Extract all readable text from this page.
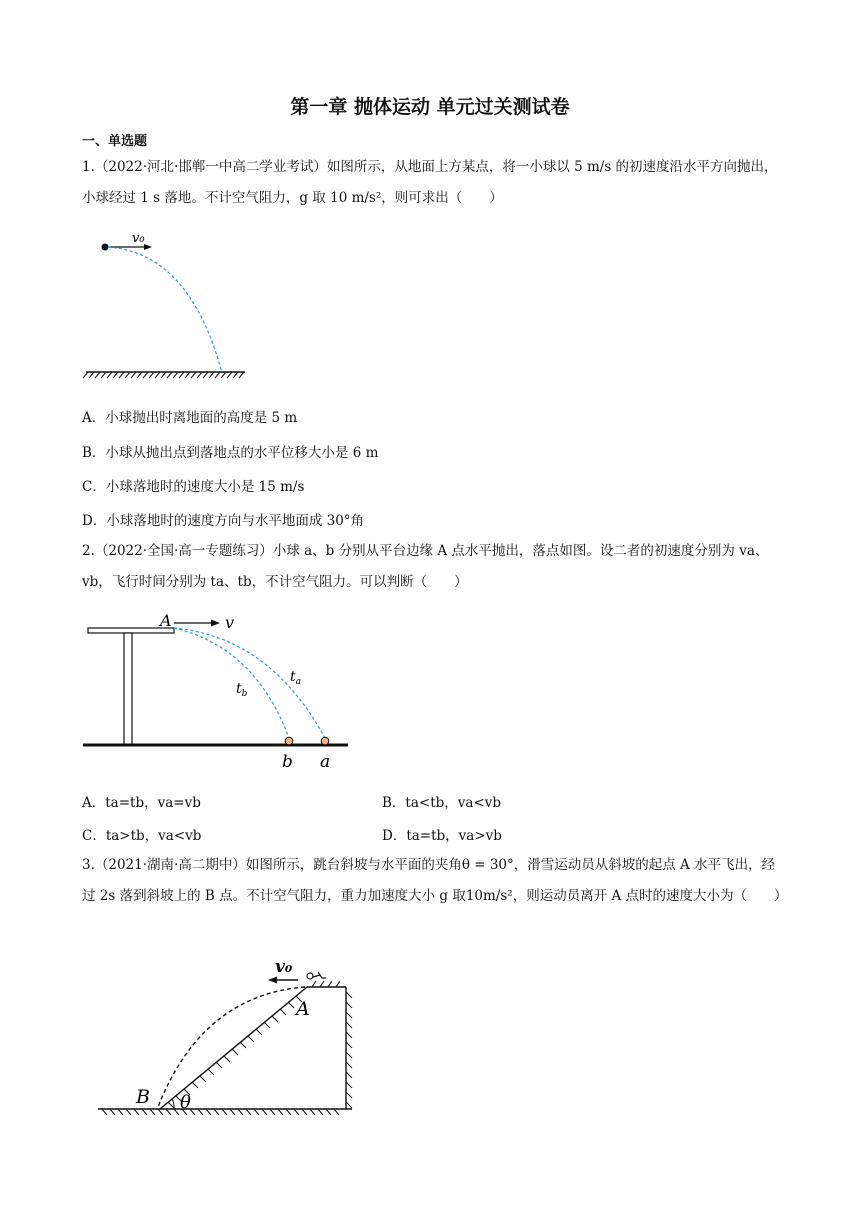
第一章 抛体运动 单元过关测试卷
一、单选题
1.（2022·河北·邯郸一中高二学业考试）如图所示，从地面上方某点，将一小球以 5 m/s 的初速度沿水平方向抛出，小球经过 1 s 落地。不计空气阻力，g 取 10 m/s²，则可求出（　　）
v₀
A．小球抛出时离地面的高度是 5 m
B．小球从抛出点到落地点的水平位移大小是 6 m
C．小球落地时的速度大小是 15 m/s
D．小球落地时的速度方向与水平地面成 30°角
2.（2022·全国·高一专题练习）小球 a、b 分别从平台边缘 A 点水平抛出，落点如图。设二者的初速度分别为 va、vb，飞行时间分别为 ta、tb，不计空气阻力。可以判断（　　）
A	v
$t_b$
$t_a$
b a
A．ta=tb，va=vb	B．ta<tb，va<vb
C．ta>tb，va<vb	D．ta=tb，va>vb
3.（2021·湖南·高二期中）如图所示，跳台斜坡与水平面的夹角θ = 30°，滑雪运动员从斜坡的起点 A 水平飞出，经过 2s 落到斜坡上的 B 点。不计空气阻力，重力加速度大小 g 取10m/s²，则运动员离开 A 点时的速度大小为（　　）
v₀
A
B θ
